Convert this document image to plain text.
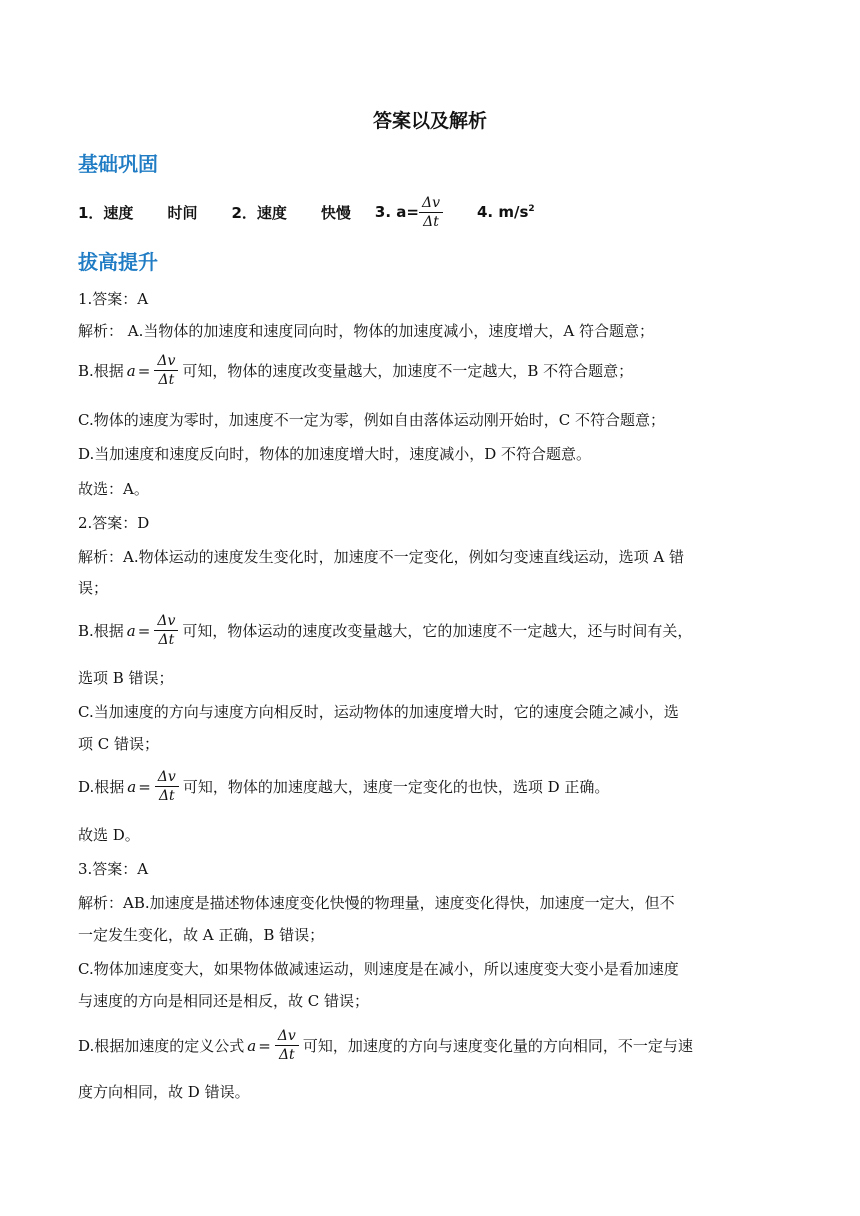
答案以及解析
基础巩固
1．速度 时间 2．速度 快慢 3. $a= \frac{\Delta v}{\Delta t} 4$. $m/s^2$
拔高提升
1.答案：A
解析： A.当物体的加速度和速度同向时，物体的加速度减小，速度增大，A 符合题意；
B.根据 $a = \frac{\Delta v}{\Delta t}$ 可知，物体的速度改变量越大，加速度不一定越大，B 不符合题意；
C.物体的速度为零时，加速度不一定为零，例如自由落体运动刚开始时，C 不符合题意；
D.当加速度和速度反向时，物体的加速度增大时，速度减小，D 不符合题意。
故选：A。
2.答案：D
解析：A.物体运动的速度发生变化时，加速度不一定变化，例如匀变速直线运动，选项 A 错
误；
B.根据 $a = \frac{\Delta v}{\Delta t}$ 可知，物体运动的速度改变量越大，它的加速度不一定越大，还与时间有关，
选项 B 错误；
C.当加速度的方向与速度方向相反时，运动物体的加速度增大时，它的速度会随之减小，选
项 C 错误；
D.根据 $a = \frac{\Delta v}{\Delta t}$ 可知，物体的加速度越大，速度一定变化的也快，选项 D 正确。
故选 D。
3.答案：A
解析：AB.加速度是描述物体速度变化快慢的物理量，速度变化得快，加速度一定大，但不
一定发生变化，故 A 正确，B 错误；
C.物体加速度变大，如果物体做减速运动，则速度是在减小，所以速度变大变小是看加速度
与速度的方向是相同还是相反，故 C 错误；
D.根据加速度的定义公式 $a = \frac{\Delta v}{\Delta t}$ 可知，加速度的方向与速度变化量的方向相同，不一定与速
度方向相同，故 D 错误。
